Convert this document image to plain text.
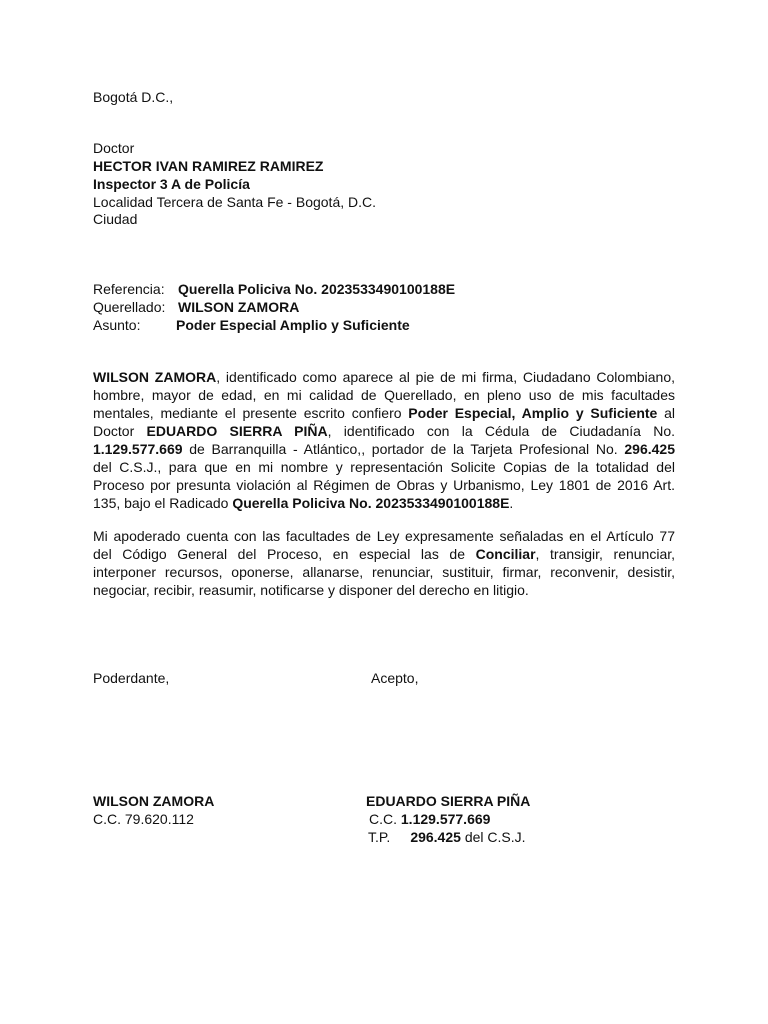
Bogotá D.C.,
Doctor
HECTOR IVAN RAMIREZ RAMIREZ
Inspector 3 A de Policía
Localidad Tercera de Santa Fe - Bogotá, D.C.
Ciudad
Referencia: Querella Policiva No. 2023533490100188E
Querellado: WILSON ZAMORA
Asunto:	Poder Especial Amplio y Suficiente
WILSON ZAMORA, identificado como aparece al pie de mi firma, Ciudadano Colombiano,
hombre, mayor de edad, en mi calidad de Querellado, en pleno uso de mis facultades
mentales, mediante el presente escrito confiero Poder Especial, Amplio y Suficiente al
Doctor EDUARDO SIERRA PIÑA, identificado con la Cédula de Ciudadanía No.
1.129.577.669 de Barranquilla - Atlántico,, portador de la Tarjeta Profesional No. 296.425
del C.S.J., para que en mi nombre y representación Solicite Copias de la totalidad del
Proceso por presunta violación al Régimen de Obras y Urbanismo, Ley 1801 de 2016 Art.
135, bajo el Radicado Querella Policiva No. 2023533490100188E.
Mi apoderado cuenta con las facultades de Ley expresamente señaladas en el Artículo 77
del Código General del Proceso, en especial las de Conciliar, transigir, renunciar,
interponer recursos, oponerse, allanarse, renunciar, sustituir, firmar, reconvenir, desistir,
negociar, recibir, reasumir, notificarse y disponer del derecho en litigio.
Poderdante,	Acepto,
WILSON ZAMORA
C.C. 79.620.112
EDUARDO SIERRA PIÑA
C.C. 1.129.577.669
T.P. 296.425 del C.S.J.
